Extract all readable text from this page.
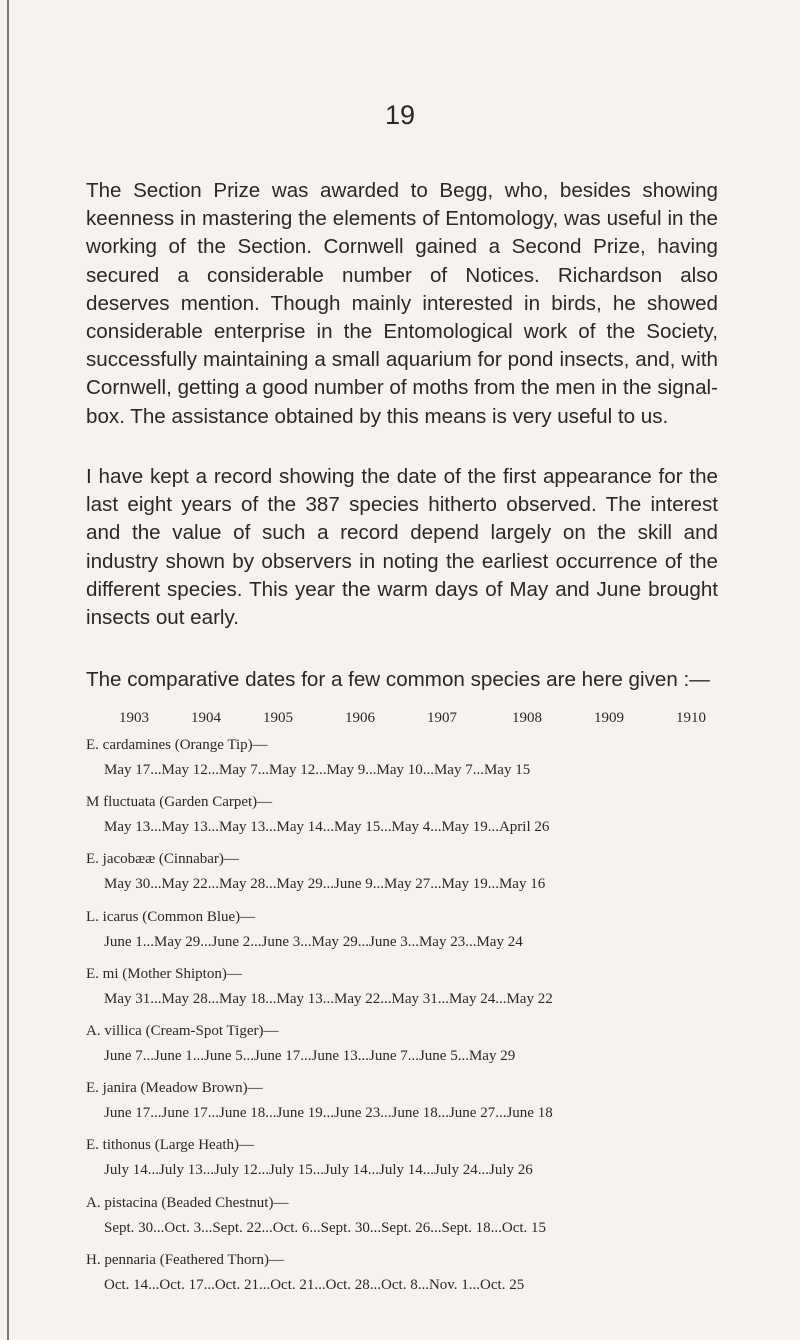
19

The Section Prize was awarded to Begg, who, besides showing keenness in mastering the elements of Entomology, was useful in the working of the Section. Cornwell gained a Second Prize, having secured a considerable number of Notices. Richardson also deserves mention. Though mainly interested in birds, he showed considerable enterprise in the Entomological work of the Society, successfully maintaining a small aquarium for pond insects, and, with Cornwell, getting a good number of moths from the men in the signal-box. The assistance obtained by this means is very useful to us.

I have kept a record showing the date of the first appearance for the last eight years of the 387 species hitherto observed. The interest and the value of such a record depend largely on the skill and industry shown by observers in noting the earliest occurrence of the different species. This year the warm days of May and June brought insects out early.

The comparative dates for a few common species are here given :—

1903	1904	1905	1906	1907	1908	1909	1910
E. cardamines (Orange Tip)—
May 17...May 12...May 7...May 12...May 9...May 10...May 7...May 15
M fluctuata (Garden Carpet)—
May 13...May 13...May 13...May 14...May 15...May 4...May 19...April 26
E. jacobææ (Cinnabar)—
May 30...May 22...May 28...May 29...June 9...May 27...May 19...May 16
L. icarus (Common Blue)—
June 1...May 29...June 2...June 3...May 29...June 3...May 23...May 24
E. mi (Mother Shipton)—
May 31...May 28...May 18...May 13...May 22...May 31...May 24...May 22
A. villica (Cream-Spot Tiger)—
June 7...June 1...June 5...June 17...June 13...June 7...June 5...May 29
E. janira (Meadow Brown)—
June 17...June 17...June 18...June 19...June 23...June 18...June 27...June 18
E. tithonus (Large Heath)—
July 14...July 13...July 12...July 15...July 14...July 14...July 24...July 26
A. pistacina (Beaded Chestnut)—
Sept. 30...Oct. 3...Sept. 22...Oct. 6...Sept. 30...Sept. 26...Sept. 18...Oct. 15
H. pennaria (Feathered Thorn)—
Oct. 14...Oct. 17...Oct. 21...Oct. 21...Oct. 28...Oct. 8...Nov. 1...Oct. 25
